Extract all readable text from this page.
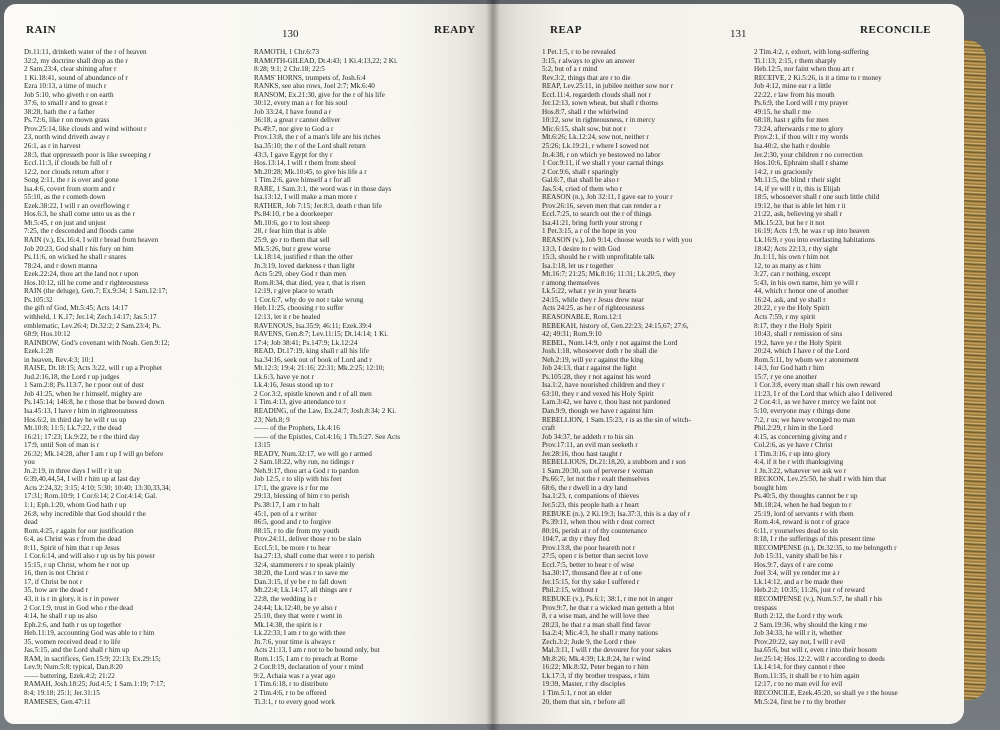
RAIN	130	READY
Dt.11:11, drinketh water of the r of heaven
32:2, my doctrine shall drop as the r
2 Sam.23:4, clear shining after r
1 Ki.18:41, sound of abundance of r
Ezra 10:13, a time of much r
Job 5:10, who giveth r on earth
37:6, to small r and to great r
38:28, hath the r a father
Ps.72:6, like r on mown grass
Prov.25:14, like clouds and wind without r
23, north wind driveth away r
26:1, as r in harvest
28:3, that oppresseth poor is like sweeping r
Eccl.11:3, if clouds be full of r
12:2, nor clouds return after r
Song 2:11, the r is over and gone
Isa.4:6, covert from storm and r
55:10, as the r cometh down
Ezek.38:22, I will r an overflowing r
Hos.6:3, he shall come unto us as the r
Mt.5:45, r on just and unjust
7:25, the r descended and floods came
RAIN (v.), Ex.16:4, I will r bread from heaven
Job 20:23, God shall r his fury on him
Ps.11:6, on wicked he shall r snares
78:24, and r down manna
Ezek.22:24, thou art the land not r upon
Hos.10:12, till he come and r righteousness
RAIN (the deluge), Gen.7; Ex.9:34; 1 Sam.12:17;
Ps.105:32
the gift of God, Mt.5:45; Acts 14:17
withheld, 1 K.17; Jer.14; Zech.14:17; Jas.5:17
emblematic, Lev.26:4; Dt.32:2; 2 Sam.23:4; Ps.
68:9; Hos.10:12
RAINBOW, God's covenant with Noah. Gen.9:12;
Ezek.1:28
in heaven, Rev.4:3; 10:1
RAISE, Dt.18:15; Acts 3:22, will r up a Prophet
Jud.2:16,18, the Lord r up judges
1 Sam.2:8; Ps.113:7, he r poor out of dust
Job 41:25, when he r himself, mighty are
Ps.145:14; 146:8, he r those that be bowed down
Isa.45:13, I have r him in righteousness
Hos.6:2, in third day he will r us up
Mt.10:8; 11:5; Lk.7:22, r the dead
16:21; 17:23; Lk.9:22, be r the third day
17:9, until Son of man is r
26:32; Mk.14:28, after I am r up I will go before
you
Jn.2:19, in three days I will r it up
6:39,40,44,54, I will r him up at last day
Acts 2:24,32; 3:15; 4:10; 5:30; 10:40; 13:30,33,34;
17:31; Rom.10:9; 1 Cor.6:14; 2 Cor.4:14; Gal.
1:1; Eph.1:20, whom God hath r up
26:8, why incredible that God should r the
dead
Rom.4:25, r again for our justification
6:4, as Christ was r from the dead
8:11, Spirit of him that r up Jesus
1 Cor.6:14, and will also r up us by his power
15:15, r up Christ, whom he r not up
16, then is not Christ r
17, if Christ be not r
35, how are the dead r
43, it is r in glory, it is r in power
2 Cor.1:9, trust in God who r the dead
4:14, he shall r up us also
Eph.2:6, and hath r us up together
Heb.11:19, accounting God was able to r him
35, women received dead r to life
Jas.5:15, and the Lord shall r him up
RAM, in sacrifices, Gen.15:9; 22:13; Ex.29:15;
Lev.9; Num.5:8; typical, Dan.8:20
—— battering, Ezek.4:2; 21:22
RAMAH, Josh.18:25; Jud.4:5; 1 Sam.1:19; 7:17;
8:4; 19:18; 25:1; Jer.31:15
RAMESES, Gen.47:11
RAMOTH, 1 Chr.6:73
RAMOTH-GILEAD, Dt.4:43; 1 Ki.4:13,22; 2 Ki.
8:28; 9:1; 2 Chr.18; 22:5
RAMS' HORNS, trumpets of, Josh.6:4
RANKS, see also rows, Joel 2:7; Mk.6:40
RANSOM, Ex.21:30, give for the r of his life
30:12, every man a r for his soul
Job 33:24, I have found a r
36:18, a great r cannot deliver
Ps.49:7, nor give to God a r
Prov.13:8, the r of a man's life are his riches
Isa.35:10; the r of the Lord shall return
43:3, I gave Egypt for thy r
Hos.13:14, I will r them from sheol
Mt.20:28; Mk.10:45, to give his life a r
1 Tim.2:6, gave himself a r for all
RARE, 1 Sam.3:1, the word was r in those days
Isa.13:12, I will make a man more r
RATHER, Job 7:15; Jer.8:3, death r than life
Ps.84:10, r be a doorkeeper
Mt.10:6, go r to lost sheep
28, r fear him that is able
25:9, go r to them that sell
Mk.5:26, but r grew worse
Lk.18:14, justified r than the other
Jn.3:19, loved darkness r than light
Acts 5:29, obey God r than men
Rom.8:34, that died, yea r, that is risen
12:19, r give place to wrath
1 Cor.6:7, why do ye not r take wrong
Heb.11:25, choosing r to suffer
12:13, let it r be healed
RAVENOUS, Isa.35:9; 46:11; Ezek.39:4
RAVENS, Gen.8:7; Lev.11:15; Dt.14:14; 1 Ki.
17:4; Job 38:41; Ps.147:9; Lk.12:24
READ, Dt.17:19, king shall r all his life
Isa.34:16, seek out of book of Lord and r
Mt.12:3; 19:4; 21:16; 22:31; Mk.2:25; 12:10;
Lk.6:3, have ye not r
Lk.4:16, Jesus stood up to r
2 Cor.3:2, epistle known and r of all men
1 Tim.4:13, give attendance to r
READING, of the Law, Ex.24:7; Josh.8:34; 2 Ki.
23; Neh.8; 9
—— of the Prophets, Lk.4:16
—— of the Epistles, Col.4:16; 1 Th.5:27. See Acts
13:15
READY, Num.32:17, we will go r armed
2 Sam.18:22, why run, no tidings r
Neh.9:17, thou art a God r to pardon
Job 12:5, r to slip with his feet
17:1, the grave is r for me
29:13, blessing of him r to perish
Ps.38:17, I am r to halt
45:1, pen of a r writer
86:5, good and r to forgive
88:15, r to die from my youth
Prov.24:11, deliver those r to be slain
Eccl.5:1, be more r to hear
Isa.27:13, shall come that were r to perish
32:4, stammerers r to speak plainly
38:20, the Lord was r to save me
Dan.3:15, if ye be r to fall down
Mt.22:4; Lk.14:17, all things are r
22:8, the wedding is r
24:44; Lk.12:40, be ye also r
25:10, they that were r went in
Mk.14:38, the spirit is r
Lk.22:33, I am r to go with thee
Jn.7:6, your time is always r
Acts 21:13, I am r not to be bound only, but
Rom.1:15, I am r to preach at Rome
2 Cor.8:19, declaration of your r mind
9:2, Achaia was r a year ago
1 Tim.6:18, r to distribute
2 Tim.4:6, r to be offered
Ti.3:1, r to every good work
REAP	131	RECONCILE
1 Pet.1:5, r to be revealed
3:15, r always to give an answer
5:2, but of a r mind
Rev.3:2, things that are r to die
REAP, Lev.25:11, in jubilee neither sow nor r
Eccl.11:4, regardeth clouds shall not r
Jer.12:13, sown wheat, but shall r thorns
Hos.8:7, shall r the whirlwind
10:12, sow in righteousness, r in mercy
Mic.6:15, shalt sow, but not r
Mt.6:26; Lk.12:24, sow not, neither r
25:26; Lk.19:21, r where I sowed not
Jn.4:38, r on which ye bestowed no labor
1 Cor.9:11, if we shall r your carnal things
2 Cor.9:6, shall r sparingly
Gal.6:7, that shall he also r
Jas.5:4, cried of them who r
REASON (n.), Job 32:11, I gave ear to your r
Prov.26:16, seven men that can render a r
Eccl.7:25, to search out the r of things
Isa.41:21, bring forth your strong r
1 Pet.3:15, a r of the hope in you
REASON (v.), Job 9:14, choose words to r with you
13:3, I desire to r with God
15:3, should he r with unprofitable talk
Isa.1:18, let us r together
Mt.16:7; 21:25; Mk.8:16; 11:31; Lk.20:5, they
r among themselves
Lk.5:22, what r ye in your hearts
24:15, while they r Jesus drew near
Acts 24:25, as he r of righteousness
REASONABLE, Rom.12:1
REBEKAH, history of, Gen.22:23; 24:15,67; 27:6,
42; 49:31; Rom.9:10
REBEL, Num.14:9, only r not against the Lord
Josh.1:18, whosoever doth r he shall die
Neh.2:19, will ye r against the king
Job 24:13, that r against the light
Ps.105:28, they r not against his word
Isa.1:2, have nourished children and they r
63:10, they r and vexed his Holy Spirit
Lam.3:42, we have r, thou hast not pardoned
Dan.9:9, though we have r against him
REBELLION, 1 Sam.15:23, r is as the sin of witch-
craft
Job 34:37, he addeth r to his sin
Prov.17:11, an evil man seeketh r
Jer.28:16, thou hast taught r
REBELLIOUS, Dt.21:18,20, a stubborn and r son
1 Sam.20:30, son of perverse r woman
Ps.66:7, let not the r exalt themselves
68:6, the r dwell in a dry land
Isa.1:23, r, companions of thieves
Jer.5:23, this people hath a r heart
REBUKE (n.), 2 Ki.19:3; Isa.37:3, this is a day of r
Ps.39:11, when thou with r dost correct
80:16, perish at r of thy countenance
104:7, at thy r they fled
Prov.13:8, the poor heareth not r
27:5, open r is better than secret love
Eccl.7:5, better to hear r of wise
Isa.30:17, thousand flee at r of one
Jer.15:15, for thy sake I suffered r
Phil.2:15, without r
REBUKE (v.), Ps.6:1; 38:1, r me not in anger
Prov.9:7, he that r a wicked man getteth a blot
8, r a wise man, and he will love thee
28:23, he that r a man shall find favor
Isa.2:4; Mic.4:3, he shall r many nations
Zech.3:2; Jude 9, the Lord r thee
Mal.3:11, I will r the devourer for your sakes
Mt.8:26; Mk.4:39; Lk.8:24, he r wind
16:22; Mk.8:32, Peter began to r him
Lk.17:3, if thy brother trespass, r him
19:39, Master, r thy disciples
1 Tim.5:1, r not an elder
20, them that sin, r before all
2 Tim.4:2, r, exhort, with long-suffering
Ti.1:13; 2:15, r them sharply
Heb.12:5, nor faint when thou art r
RECEIVE, 2 Ki.5:26, is it a time to r money
Job 4:12, mine ear r a little
22:22, r law from his mouth
Ps.6:9, the Lord will r my prayer
49:15, he shall r me
68:18, hast r gifts for men
73:24, afterwards r me to glory
Prov.2:1, if thou wilt r my words
Isa.40:2, she hath r double
Jer.2:30, your children r no correction
Hos.10:6, Ephraim shall r shame
14:2, r us graciously
Mt.11:5, the blind r their sight
14, if ye will r it, this is Elijah
18:5, whosoever shall r one such little child
19:12, he that is able let him r it
21:22, ask, believing ye shall r
Mk.15:23, but he r it not
16:19; Acts 1:9, he was r up into heaven
Lk.16:9, r you into everlasting habitations
18:42; Acts 22:13, r thy sight
Jn.1:11, his own r him not
12, to as many as r him
3:27, can r nothing, except
5:43, in his own name, him ye will r
44, which r honor one of another
16:24, ask, and ye shall r
20:22, r ye the Holy Spirit
Acts 7:59, r my spirit
8:17, they r the Holy Spirit
10:43, shall r remission of sins
19:2, have ye r the Holy Spirit
20:24, which I have r of the Lord
Rom.5:11, by whom we r atonement
14:3, for God hath r him
15:7, r ye one another
1 Cor.3:8, every man shall r his own reward
11:23, I r of the Lord that which also I delivered
2 Cor.4:1, as we have r mercy we faint not
5:10, everyone may r things done
7:2, r us; we have wronged no man
Phil.2:29, r him in the Lord
4:15, as concerning giving and r
Col.2:6, as ye have r Christ
1 Tim.3:16, r up into glory
4:4, if it be r with thanksgiving
1 Jn.3:22, whatever we ask we r
RECKON, Lev.25:50, he shall r with him that
bought him
Ps.40:5, thy thoughts cannot be r up
Mt.18:24, when he had begun to r
25:19, lord of servants r with them
Rom.4:4, reward is not r of grace
6:11, r yourselves dead to sin
8:18, I r the sufferings of this present time
RECOMPENSE (n.), Dt.32:35, to me belongeth r
Job 15:31, vanity shall be his r
Hos.9:7, days of r are come
Joel 3:4, will ye render me a r
Lk.14:12, and a r be made thee
Heb.2:2; 10:35; 11:26, just r of reward
RECOMPENSE (v.), Num.5:7, he shall r his
trespass
Ruth 2:12, the Lord r thy work
2 Sam.19:36, why should the king r me
Job 34:33, he will r it, whether
Prov.20:22, say not, I will r evil
Isa.65:6, but will r, even r into their bosom
Jer.25:14; Hos.12:2, will r according to deeds
Lk.14:14, for they cannot r thee
Rom.11:35, it shall be r to him again
12:17, r to no man evil for evil
RECONCILE, Ezek.45:20, so shall ye r the house
Mt.5:24, first be r to thy brother
